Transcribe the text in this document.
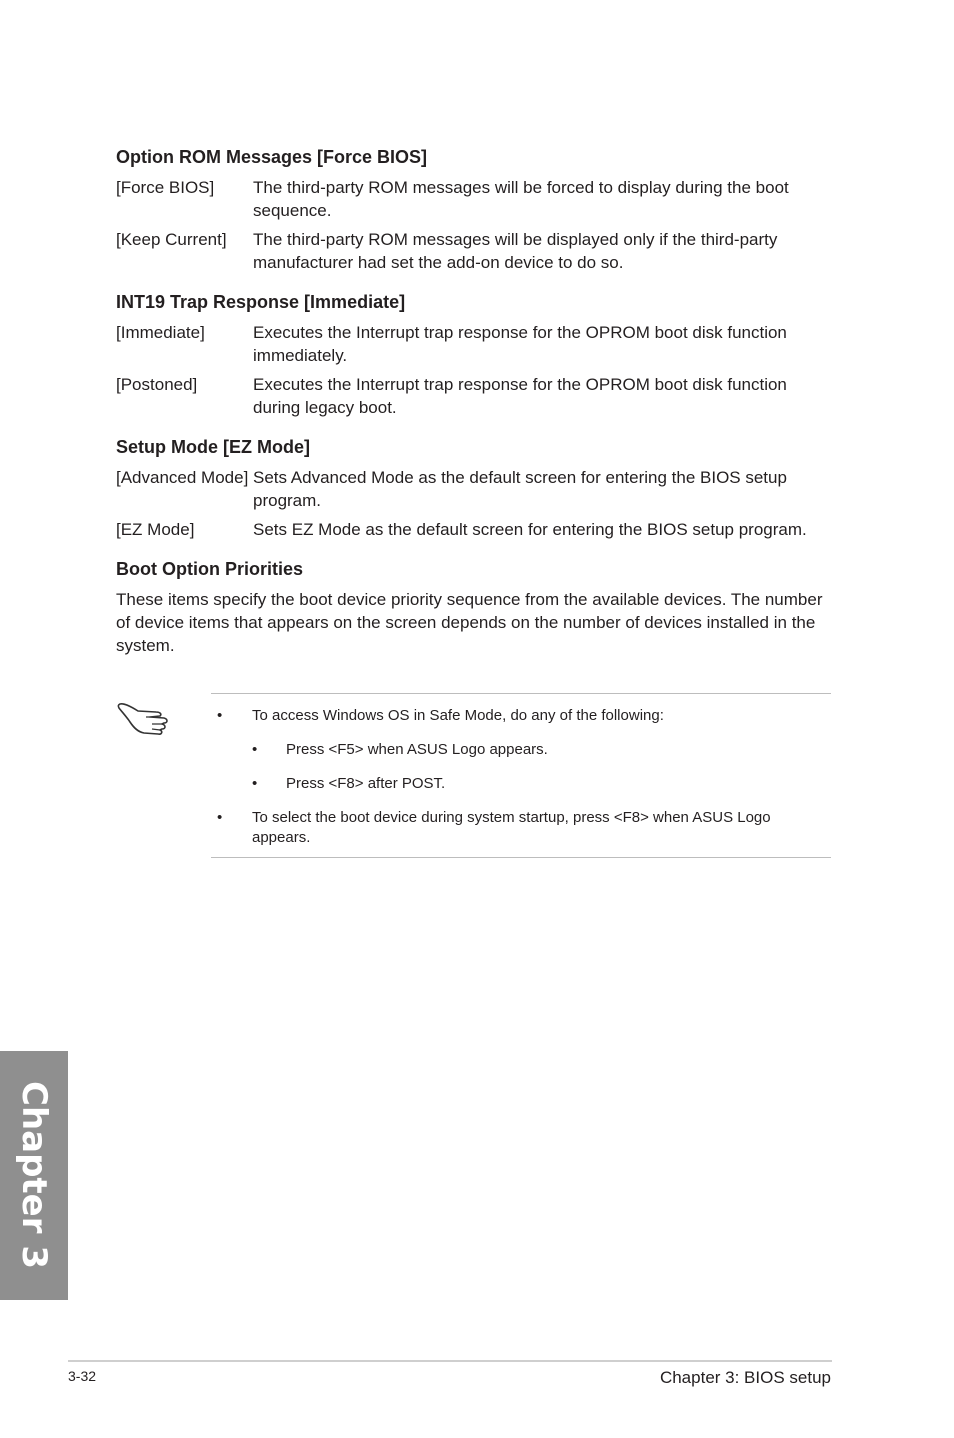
Option ROM Messages [Force BIOS]
[Force BIOS]	The third-party ROM messages will be forced to display during the boot sequence.
[Keep Current]	The third-party ROM messages will be displayed only if the third-party manufacturer had set the add-on device to do so.
INT19 Trap Response [Immediate]
[Immediate]	Executes the Interrupt trap response for the OPROM boot disk function immediately.
[Postoned]	Executes the Interrupt trap response for the OPROM boot disk function during legacy boot.
Setup Mode [EZ Mode]
[Advanced Mode] Sets Advanced Mode as the default screen for entering the BIOS setup program.
[EZ Mode]	Sets EZ Mode as the default screen for entering the BIOS setup program.
Boot Option Priorities

These items specify the boot device priority sequence from the available devices. The number of device items that appears on the screen depends on the number of devices installed in the system.

• To access Windows OS in Safe Mode, do any of the following:
• Press <F5> when ASUS Logo appears.
• Press <F8> after POST.
• To select the boot device during system startup, press <F8> when ASUS Logo appears.
Chapter 3
3-32	Chapter 3: BIOS setup
